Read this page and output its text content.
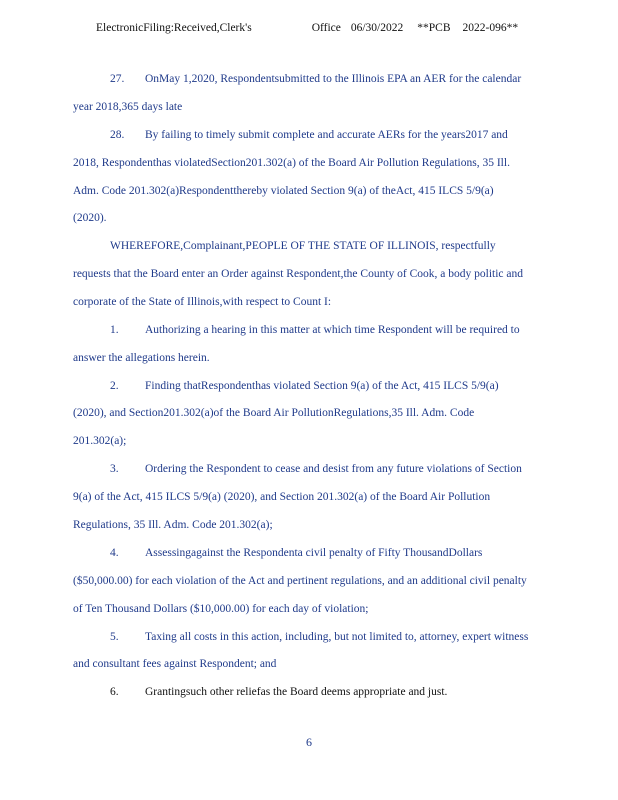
ElectronicFiling:Received,Clerk's	Office 06/30/2022 **PCB 2022-096**
27. OnMay 1,2020, Respondentsubmitted to the Illinois EPA an AER for the calendar
year 2018,365 days late
28. By failing to timely submit complete and accurate AERs for the years2017 and
2018, Respondenthas violatedSection201.302(a) of the Board Air Pollution Regulations, 35 Ill.
Adm. Code 201.302(a)Respondentthereby violated Section 9(a) of theAct, 415 ILCS 5/9(a)
(2020).
WHEREFORE,Complainant,PEOPLE OF THE STATE OF ILLINOIS, respectfully
requests that the Board enter an Order against Respondent,the County of Cook, a body politic and
corporate of the State of Illinois,with respect to Count I:
1. Authorizing a hearing in this matter at which time Respondent will be required to
answer the allegations herein.
2. Finding thatRespondenthas violated Section 9(a) of the Act, 415 ILCS 5/9(a)
(2020), and Section201.302(a)of the Board Air PollutionRegulations,35 Ill. Adm. Code
201.302(a);
3. Ordering the Respondent to cease and desist from any future violations of Section
9(a) of the Act, 415 ILCS 5/9(a) (2020), and Section 201.302(a) of the Board Air Pollution
Regulations, 35 Ill. Adm. Code 201.302(a);
4. Assessingagainst the Respondenta civil penalty of Fifty ThousandDollars
($50,000.00) for each violation of the Act and pertinent regulations, and an additional civil penalty
of Ten Thousand Dollars ($10,000.00) for each day of violation;
5. Taxing all costs in this action, including, but not limited to, attorney, expert witness
and consultant fees against Respondent; and
6. Grantingsuch other reliefas the Board deems appropriate and just.
6
